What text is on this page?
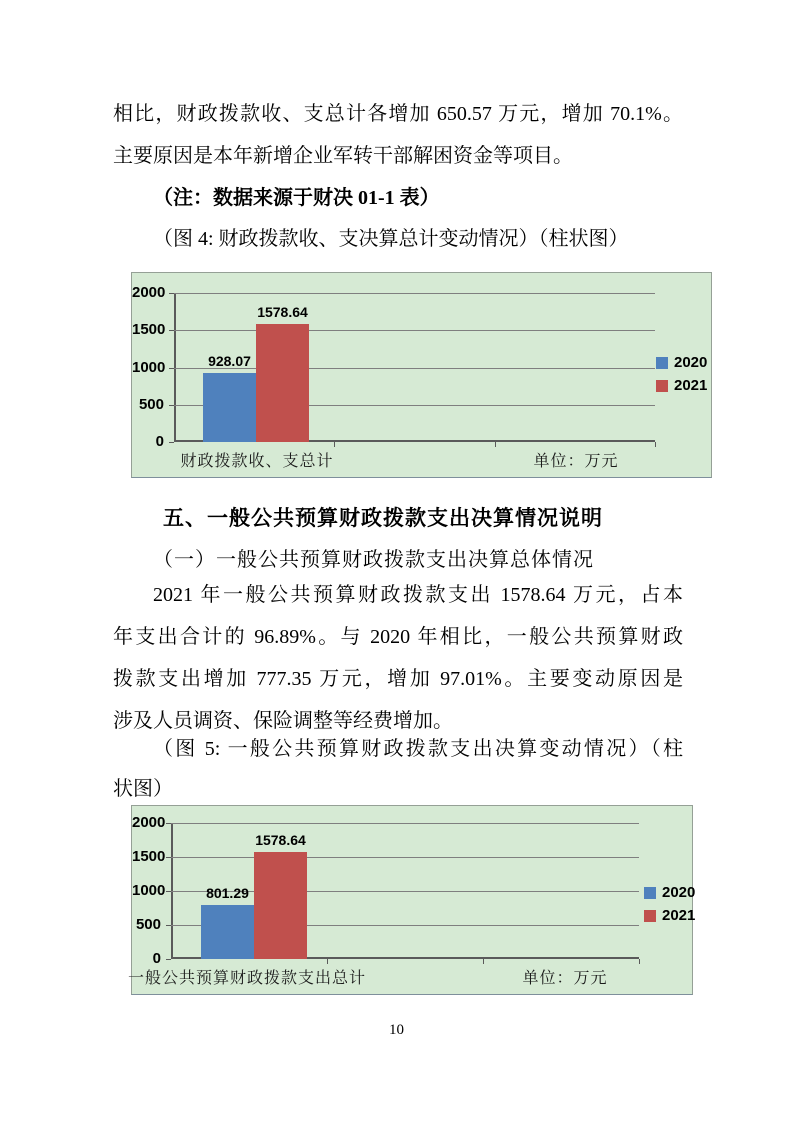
相比，财政拨款收、支总计各增加 650.57 万元，增加 70.1%。
主要原因是本年新增企业军转干部解困资金等项目。
（注：数据来源于财决 01-1 表）
（图 4: 财政拨款收、支决算总计变动情况）（柱状图）
0
500
1000
1500
2000
928.07
1578.64
财政拨款收、支总计	单位：万元
2020
2021
五、一般公共预算财政拨款支出决算情况说明
（一）一般公共预算财政拨款支出决算总体情况
2021 年一般公共预算财政拨款支出 1578.64 万元，占本
年支出合计的 96.89%。与 2020 年相比，一般公共预算财政
拨款支出增加 777.35 万元，增加 97.01%。主要变动原因是
涉及人员调资、保险调整等经费增加。
（图 5: 一般公共预算财政拨款支出决算变动情况）（柱
状图）
0
500
1000
1500
2000
801.29
1578.64
一般公共预算财政拨款支出总计	单位：万元
2020
2021
10
